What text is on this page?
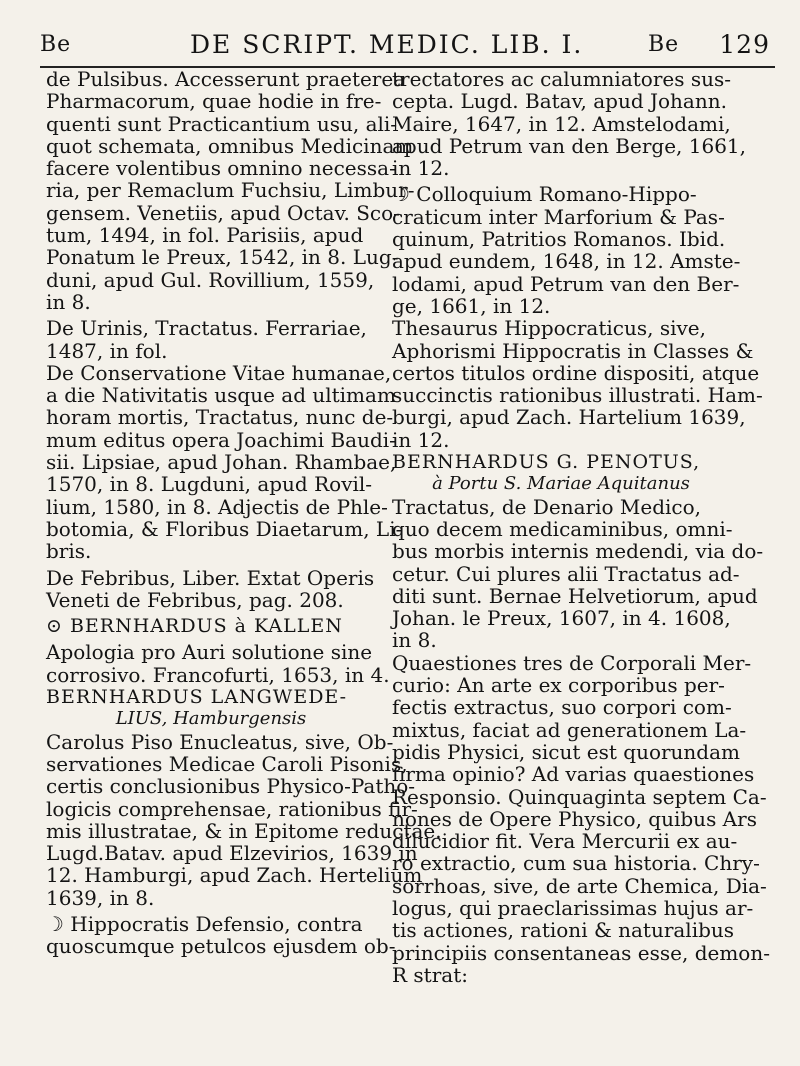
Be	DE SCRIPT. MEDIC. LIB. I.	Be 129
de Pulsibus. Accesserunt praeterea
Pharmacorum, quae hodie in fre-
quenti sunt Practicantium usu, ali-
quot schemata, omnibus Medicinam
facere volentibus omnino necessa-
ria, per Remaclum Fuchsiu, Limbur-
gensem. Venetiis, apud Octav. Sco-
tum, 1494, in fol. Parisiis, apud
Ponatum le Preux, 1542, in 8. Lug-
duni, apud Gul. Rovillium, 1559,
in 8.
De Urinis, Tractatus. Ferrariae,
1487, in fol.
De Conservatione Vitae humanae,
a die Nativitatis usque ad ultimam
horam mortis, Tractatus, nunc de-
mum editus opera Joachimi Baudi-
sii. Lipsiae, apud Johan. Rhambae,
1570, in 8. Lugduni, apud Rovil-
lium, 1580, in 8. Adjectis de Phle-
botomia, & Floribus Diaetarum, Li-
bris.
De Febribus, Liber. Extat Operis
Veneti de Febribus, pag. 208.
⊙ BERNHARDUS à KALLEN
Apologia pro Auri solutione sine
corrosivo. Francofurti, 1653, in 4.
BERNHARDUS LANGWEDE-
LIUS, Hamburgensis
Carolus Piso Enucleatus, sive, Ob-
servationes Medicae Caroli Pisonis,
certis conclusionibus Physico-Patho-
logicis comprehensae, rationibus fir-
mis illustratae, & in Epitome reductae.
Lugd.Batav. apud Elzevirios, 1639 in
12. Hamburgi, apud Zach. Hertelium
1639, in 8.
☽ Hippocratis Defensio, contra
quoscumque petulcos ejusdem ob-
trectatores ac calumniatores sus-
cepta. Lugd. Batav, apud Johann.
Maire, 1647, in 12. Amstelodami,
apud Petrum van den Berge, 1661,
in 12.
☽ Colloquium Romano-Hippo-
craticum inter Marforium & Pas-
quinum, Patritios Romanos. Ibid.
apud eundem, 1648, in 12. Amste-
lodami, apud Petrum van den Ber-
ge, 1661, in 12.
Thesaurus Hippocraticus, sive,
Aphorismi Hippocratis in Classes &
certos titulos ordine dispositi, atque
succinctis rationibus illustrati. Ham-
burgi, apud Zach. Hartelium 1639,
in 12.
BERNHARDUS G. PENOTUS,
à Portu S. Mariae Aquitanus
Tractatus, de Denario Medico,
quo decem medicaminibus, omni-
bus morbis internis medendi, via do-
cetur. Cui plures alii Tractatus ad-
diti sunt. Bernae Helvetiorum, apud
Johan. le Preux, 1607, in 4. 1608,
in 8.
Quaestiones tres de Corporali Mer-
curio: An arte ex corporibus per-
fectis extractus, suo corpori com-
mixtus, faciat ad generationem La-
pidis Physici, sicut est quorundam
firma opinio? Ad varias quaestiones
Responsio. Quinquaginta septem Ca-
nones de Opere Physico, quibus Ars
dilucidior fit. Vera Mercurii ex au-
ro extractio, cum sua historia. Chry-
sorrhoas, sive, de arte Chemica, Dia-
logus, qui praeclarissimas hujus ar-
tis actiones, rationi & naturalibus
principiis consentaneas esse, demon-
R strat:
